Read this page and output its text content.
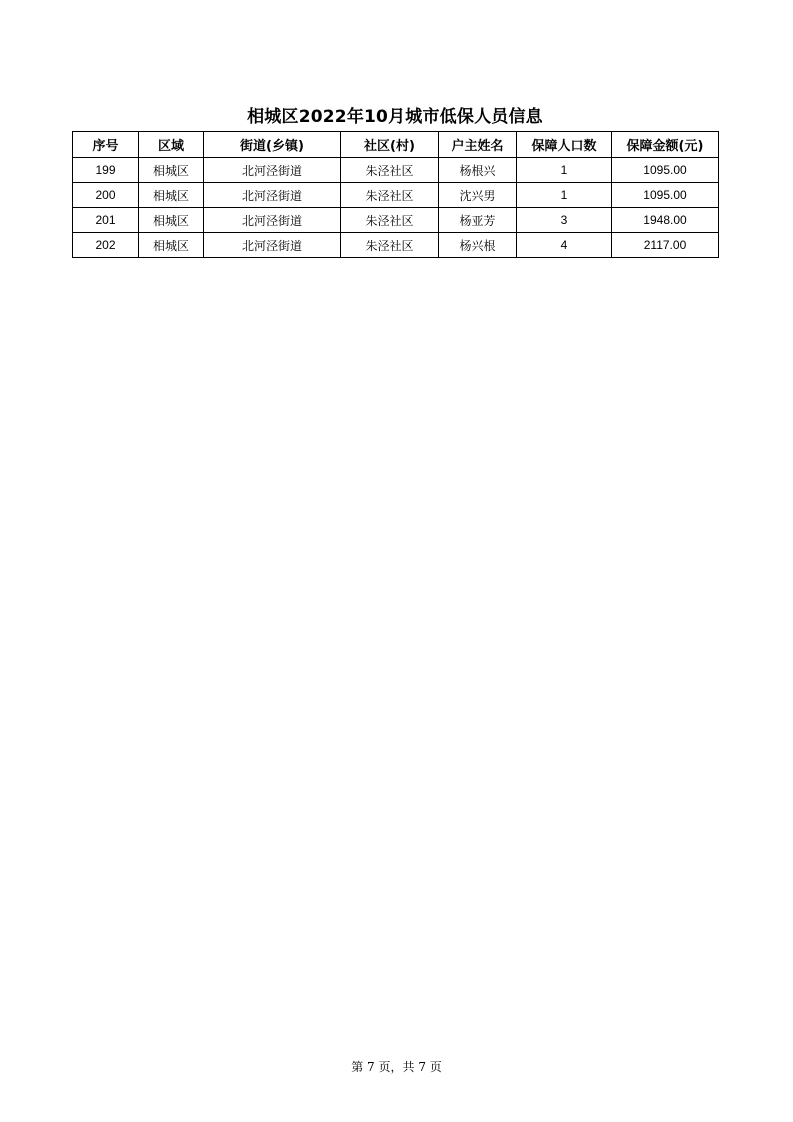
相城区2022年10月城市低保人员信息
序号	区域	街道(乡镇)	社区(村)	户主姓名	保障人口数	保障金额(元)
199	相城区	北河泾街道	朱泾社区	杨根兴	1	1095.00
200	相城区	北河泾街道	朱泾社区	沈兴男	1	1095.00
201	相城区	北河泾街道	朱泾社区	杨亚芳	3	1948.00
202	相城区	北河泾街道	朱泾社区	杨兴根	4	2117.00
第 7 页，共 7 页
